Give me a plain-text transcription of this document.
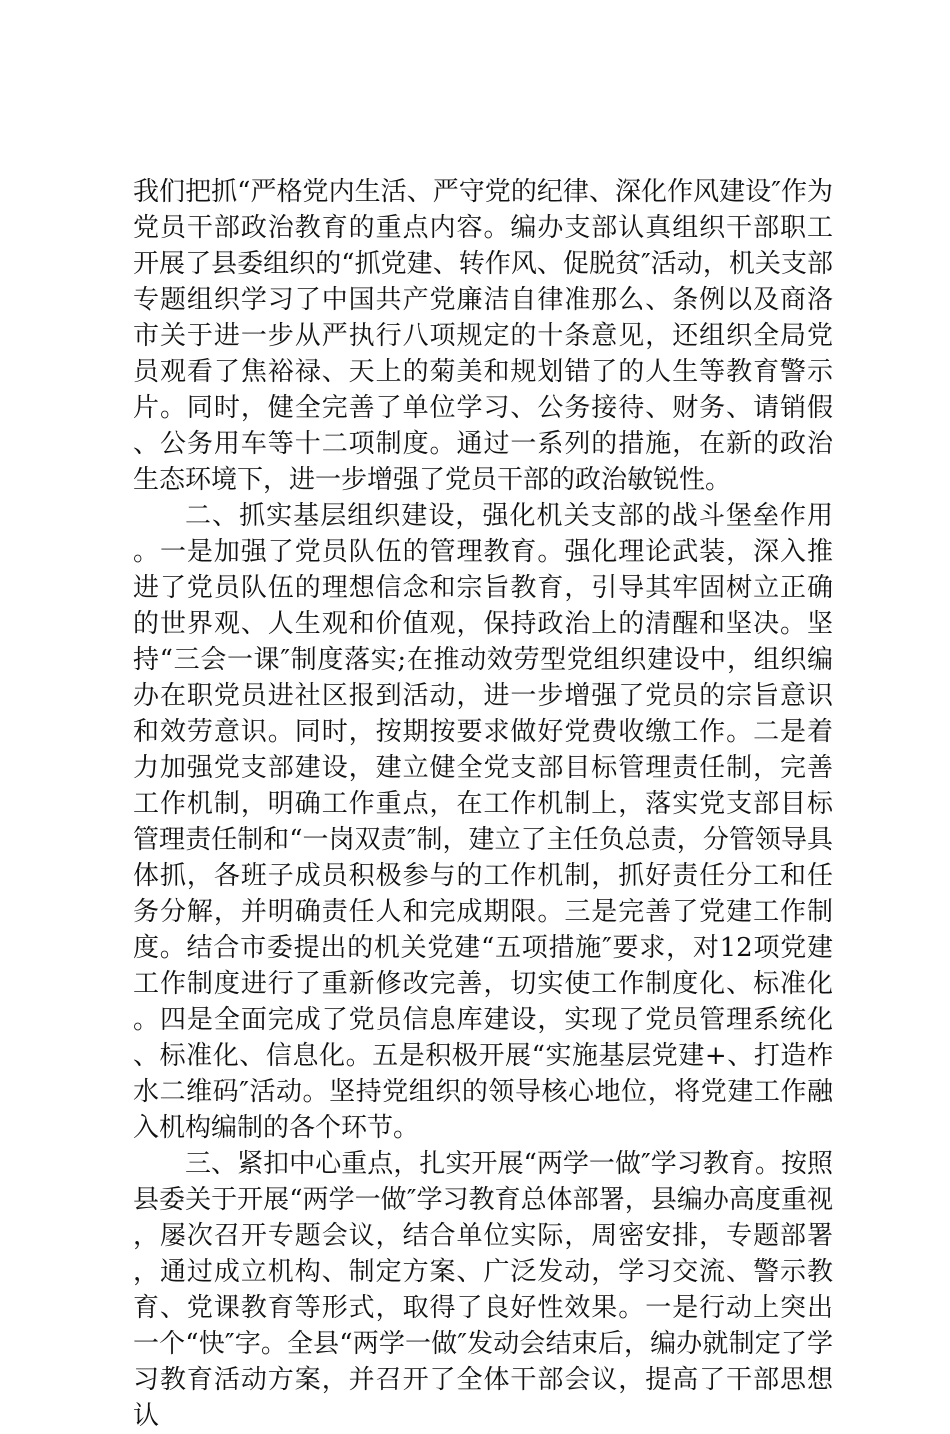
我们把抓“严格党内生活、严守党的纪律、深化作风建设″作为党员干部政治教育的重点内容。编办支部认真组织干部职工开展了县委组织的“抓党建、转作风、促脱贫″活动，机关支部专题组织学习了中国共产党廉洁自律准那么、条例以及商洛市关于进一步从严执行八项规定的十条意见，还组织全局党员观看了焦裕禄、天上的菊美和规划错了的人生等教育警示片。同时，健全完善了单位学习、公务接待、财务、请销假、公务用车等十二项制度。通过一系列的措施，在新的政治生态环境下，进一步增强了党员干部的政治敏锐性。

二、抓实基层组织建设，强化机关支部的战斗堡垒作用。一是加强了党员队伍的管理教育。强化理论武装，深入推进了党员队伍的理想信念和宗旨教育，引导其牢固树立正确的世界观、人生观和价值观，保持政治上的清醒和坚决。坚持“三会一课″制度落实;在推动效劳型党组织建设中，组织编办在职党员进社区报到活动，进一步增强了党员的宗旨意识和效劳意识。同时，按期按要求做好党费收缴工作。二是着力加强党支部建设，建立健全党支部目标管理责任制，完善工作机制，明确工作重点，在工作机制上，落实党支部目标管理责任制和“一岗双责″制，建立了主任负总责，分管领导具体抓，各班子成员积极参与的工作机制，抓好责任分工和任务分解，并明确责任人和完成期限。三是完善了党建工作制度。结合市委提出的机关党建“五项措施″要求，对12项党建工作制度进行了重新修改完善，切实使工作制度化、标准化。四是全面完成了党员信息库建设，实现了党员管理系统化、标准化、信息化。五是积极开展“实施基层党建+、打造柞水二维码″活动。坚持党组织的领导核心地位，将党建工作融入机构编制的各个环节。

三、紧扣中心重点，扎实开展“两学一做″学习教育。按照县委关于开展“两学一做″学习教育总体部署，县编办高度重视，屡次召开专题会议，结合单位实际，周密安排，专题部署，通过成立机构、制定方案、广泛发动，学习交流、警示教育、党课教育等形式，取得了良好性效果。一是行动上突出一个“快″字。全县“两学一做″发动会结束后，编办就制定了学习教育活动方案，并召开了全体干部会议，提高了干部思想认
